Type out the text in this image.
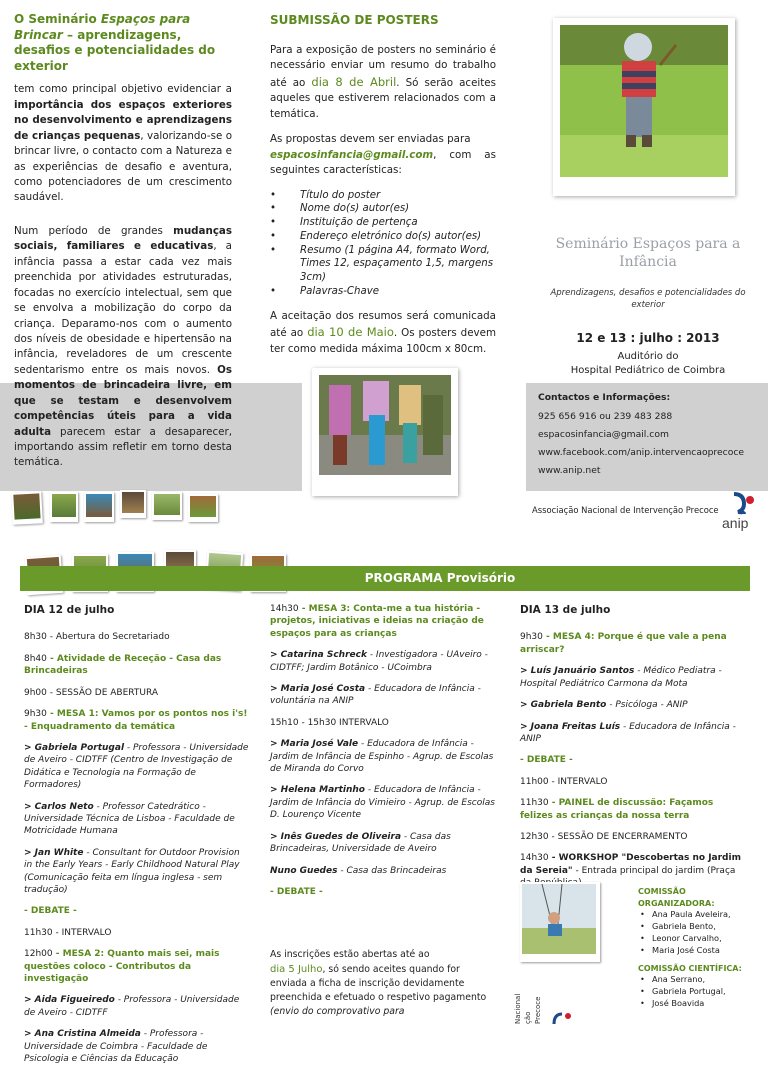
O Seminário Espaços para Brincar – aprendizagens, desafios e potencialidades do exterior

tem como principal objetivo evidenciar a importância dos espaços exteriores no desenvolvimento e aprendizagens de crianças pequenas, valorizando-se o brincar livre, o contacto com a Natureza e as experiências de desafio e aventura, como potenciadores de um crescimento saudável.

Num período de grandes mudanças sociais, familiares e educativas, a infância passa a estar cada vez mais preenchida por atividades estruturadas, focadas no exercício intelectual, sem que se envolva a mobilização do corpo da criança. Deparamo-nos com o aumento dos níveis de obesidade e hipertensão na infância, reveladores de um crescente sedentarismo entre os mais novos. Os momentos de brincadeira livre, em que se testam e desenvolvem competências úteis para a vida adulta parecem estar a desaparecer, importando assim refletir em torno desta temática.

SUBMISSÃO DE POSTERS

Para a exposição de posters no seminário é necessário enviar um resumo do trabalho até ao dia 8 de Abril. Só serão aceites aqueles que estiverem relacionados com a temática.

As propostas devem ser enviadas para
espacosinfancia@gmail.com, com as seguintes características:

• Título do poster
• Nome do(s) autor(es)
• Instituição de pertença
• Endereço eletrónico do(s) autor(es)
• Resumo (1 página A4, formato Word, Times 12, espaçamento 1,5, margens 3cm)
• Palavras-Chave

A aceitação dos resumos será comunicada até ao dia 10 de Maio. Os posters devem ter como medida máxima 100cm x 80cm.

Seminário Espaços para a Infância
Aprendizagens, desafios e potencialidades do exterior
12 e 13 : julho : 2013
Auditório do
Hospital Pediátrico de Coimbra
Contactos e Informações:
925 656 916 ou 239 483 288
espacosinfancia@gmail.com
www.facebook.com/anip.intervencaoprecoce
www.anip.net
Associação Nacional de Intervenção Precoce
anip
PROGRAMA Provisório
DIA 12 de julho
8h30 - Abertura do Secretariado
8h40 - Atividade de Receção - Casa das Brincadeiras
9h00 - SESSÃO DE ABERTURA
9h30 - MESA 1: Vamos por os pontos nos i's! - Enquadramento da temática
> Gabriela Portugal - Professora - Universidade de Aveiro - CIDTFF (Centro de Investigação de Didática e Tecnologia na Formação de Formadores)
> Carlos Neto - Professor Catedrático - Universidade Técnica de Lisboa - Faculdade de Motricidade Humana
> Jan White - Consultant for Outdoor Provision in the Early Years - Early Childhood Natural Play (Comunicação feita em língua inglesa - sem tradução)
- DEBATE -
11h30 - INTERVALO
12h00 - MESA 2: Quanto mais sei, mais questões coloco - Contributos da investigação
> Aida Figueiredo - Professora - Universidade de Aveiro - CIDTFF
> Ana Cristina Almeida - Professora - Universidade de Coimbra - Faculdade de Psicologia e Ciências da Educação
14h30 - MESA 3: Conta-me a tua história - projetos, iniciativas e ideias na criação de espaços para as crianças
> Catarina Schreck - Investigadora - UAveiro - CIDTFF; Jardim Botânico - UCoimbra
> Maria José Costa - Educadora de Infância - voluntária na ANIP
15h10 - 15h30 INTERVALO
> Maria José Vale - Educadora de Infância - Jardim de Infância de Espinho - Agrup. de Escolas de Miranda do Corvo
> Helena Martinho - Educadora de Infância - Jardim de Infância do Vimieiro - Agrup. de Escolas D. Lourenço Vicente
> Inês Guedes de Oliveira - Casa das Brincadeiras, Universidade de Aveiro
Nuno Guedes - Casa das Brincadeiras
- DEBATE -
DIA 13 de julho
9h30 - MESA 4: Porque é que vale a pena arriscar?
> Luís Januário Santos - Médico Pediatra - Hospital Pediátrico Carmona da Mota
> Gabriela Bento - Psicóloga - ANIP
> Joana Freitas Luís - Educadora de Infância - ANIP
- DEBATE -
11h00 - INTERVALO
11h30 - PAINEL de discussão: Façamos felizes as crianças da nossa terra
12h30 - SESSÃO DE ENCERRAMENTO
14h30 - WORKSHOP "Descobertas no Jardim da Sereia" - Entrada principal do jardim (Praça
As inscrições estão abertas até ao
dia 5 Julho, só sendo aceites quando for enviada a ficha de inscrição devidamente preenchida e efetuado o respetivo pagamento
(envio do comprovativo para
COMISSÃO ORGANIZADORA:
• Ana Paula Aveleira,
• Gabriela Bento,
• Leonor Carvalho,
• Maria José Costa
COMISSÃO CIENTÍFICA:
• Ana Serrano,
• Gabriela Portugal,
• José Boavida
Nacional ção Precoce
